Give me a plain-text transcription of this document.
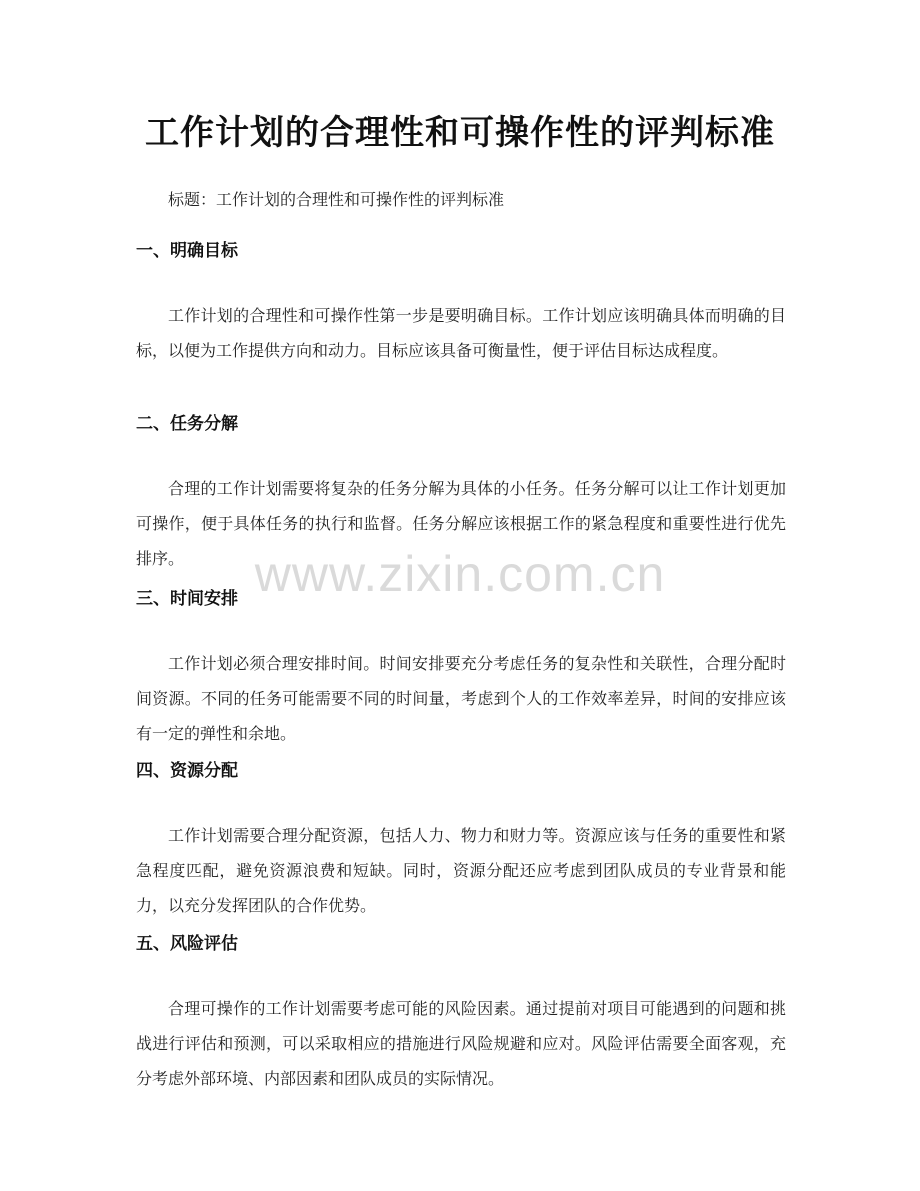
工作计划的合理性和可操作性的评判标准

标题：工作计划的合理性和可操作性的评判标准

一、明确目标

工作计划的合理性和可操作性第一步是要明确目标。工作计划应该明确具体而明确的目标，以便为工作提供方向和动力。目标应该具备可衡量性，便于评估目标达成程度。

二、任务分解

合理的工作计划需要将复杂的任务分解为具体的小任务。任务分解可以让工作计划更加可操作，便于具体任务的执行和监督。任务分解应该根据工作的紧急程度和重要性进行优先排序。

三、时间安排

工作计划必须合理安排时间。时间安排要充分考虑任务的复杂性和关联性，合理分配时间资源。不同的任务可能需要不同的时间量，考虑到个人的工作效率差异，时间的安排应该有一定的弹性和余地。

四、资源分配

工作计划需要合理分配资源，包括人力、物力和财力等。资源应该与任务的重要性和紧急程度匹配，避免资源浪费和短缺。同时，资源分配还应考虑到团队成员的专业背景和能力，以充分发挥团队的合作优势。

五、风险评估

合理可操作的工作计划需要考虑可能的风险因素。通过提前对项目可能遇到的问题和挑战进行评估和预测，可以采取相应的措施进行风险规避和应对。风险评估需要全面客观，充分考虑外部环境、内部因素和团队成员的实际情况。

www.zixin.com.cn
